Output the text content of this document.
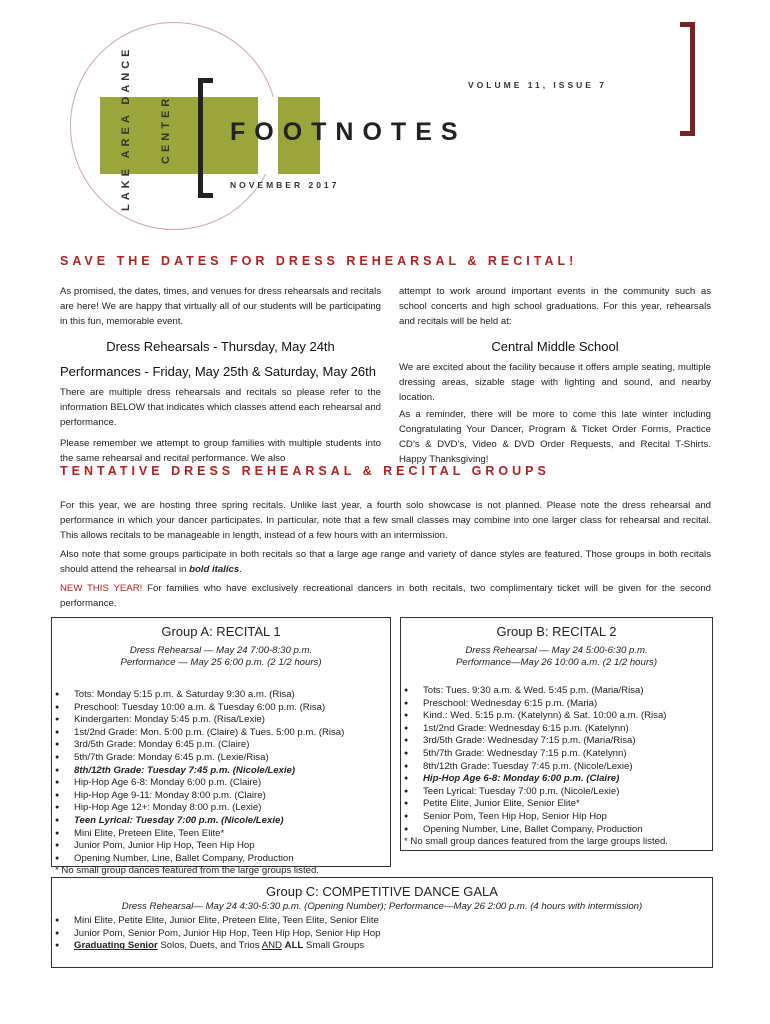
LAKE AREA DANCE	CENTER
VOLUME 11, ISSUE 7
FOOTNOTES
NOVEMBER 2017
SAVE THE DATES FOR DRESS REHEARSAL & RECITAL!

As promised, the dates, times, and venues for dress rehearsals and recitals are here! We are happy that virtually all of our students will be participating in this fun, memorable event.

Dress Rehearsals - Thursday, May 24th
Performances - Friday, May 25th & Saturday, May 26th

There are multiple dress rehearsals and recitals so please refer to the information BELOW that indicates which classes attend each rehearsal and performance.

Please remember we attempt to group families with multiple students into the same rehearsal and recital performance. We also

attempt to work around important events in the community such as school concerts and high school graduations. For this year, rehearsals and recitals will be held at:

Central Middle School

We are excited about the facility because it offers ample seating, multiple dressing areas, sizable stage with lighting and sound, and nearby location.

As a reminder, there will be more to come this late winter including Congratulating Your Dancer, Program & Ticket Order Forms, Practice CD’s & DVD’s, Video & DVD Order Requests, and Recital T-Shirts. Happy Thanksgiving!

TENTATIVE DRESS REHEARSAL & RECITAL GROUPS

For this year, we are hosting three spring recitals. Unlike last year, a fourth solo showcase is not planned. Please note the dress rehearsal and performance in which your dancer participates. In particular, note that a few small classes may combine into one larger class for rehearsal and recital. This allows recitals to be manageable in length, instead of a few hours with an intermission.

Also note that some groups participate in both recitals so that a large age range and variety of dance styles are featured. Those groups in both recitals should attend the rehearsal in bold italics.

NEW THIS YEAR! For families who have exclusively recreational dancers in both recitals, two complimentary ticket will be given for the second performance.

Group A: RECITAL 1
Dress Rehearsal — May 24 7:00-8:30 p.m.
Performance — May 25 6:00 p.m. (2 1/2 hours)
● Tots: Monday 5:15 p.m. & Saturday 9:30 a.m. (Risa)
● Preschool: Tuesday 10:00 a.m. & Tuesday 6:00 p.m. (Risa)
● Kindergarten: Monday 5:45 p.m. (Risa/Lexie)
● 1st/2nd Grade: Mon. 5:00 p.m. (Claire) & Tues. 5:00 p.m. (Risa)
● 3rd/5th Grade: Monday 6:45 p.m. (Claire)
● 5th/7th Grade: Monday 6:45 p.m. (Lexie/Risa)
● 8th/12th Grade: Tuesday 7:45 p.m. (Nicole/Lexie)
● Hip-Hop Age 6-8: Monday 6:00 p.m. (Claire)
● Hip-Hop Age 9-11: Monday 8:00 p.m. (Claire)
● Hip-Hop Age 12+: Monday 8:00 p.m. (Lexie)
● Teen Lyrical: Tuesday 7:00 p.m. (Nicole/Lexie)
● Mini Elite, Preteen Elite, Teen Elite*
● Junior Pom, Junior Hip Hop, Teen Hip Hop
● Opening Number, Line, Ballet Company, Production
* No small group dances featured from the large groups listed.
Group B: RECITAL 2
Dress Rehearsal — May 24 5:00-6:30 p.m.
Performance—May 26 10:00 a.m. (2 1/2 hours)
● Tots: Tues. 9:30 a.m. & Wed. 5:45 p.m. (Maria/Risa)
● Preschool: Wednesday 6:15 p.m. (Maria)
● Kind.: Wed. 5:15 p.m. (Katelynn) & Sat. 10:00 a.m. (Risa)
● 1st/2nd Grade: Wednesday 6:15 p.m. (Katelynn)
● 3rd/5th Grade: Wednesday 7:15 p.m. (Maria/Risa)
● 5th/7th Grade: Wednesday 7:15 p.m. (Katelynn)
● 8th/12th Grade: Tuesday 7:45 p.m. (Nicole/Lexie)
● Hip-Hop Age 6-8: Monday 6:00 p.m. (Claire)
● Teen Lyrical: Tuesday 7:00 p.m. (Nicole/Lexie)
● Petite Elite, Junior Elite, Senior Elite*
● Senior Pom, Teen Hip Hop, Senior Hip Hop
● Opening Number, Line, Ballet Company, Production
* No small group dances featured from the large groups listed.
Group C: COMPETITIVE DANCE GALA
Dress Rehearsal— May 24 4:30-5:30 p.m. (Opening Number); Performance—May 26 2:00 p.m. (4 hours with intermission)
● Mini Elite, Petite Elite, Junior Elite, Preteen Elite, Teen Elite, Senior Elite
● Junior Pom, Senior Pom, Junior Hip Hop, Teen Hip Hop, Senior Hip Hop
● Graduating Senior Solos, Duets, and Trios AND ALL Small Groups
